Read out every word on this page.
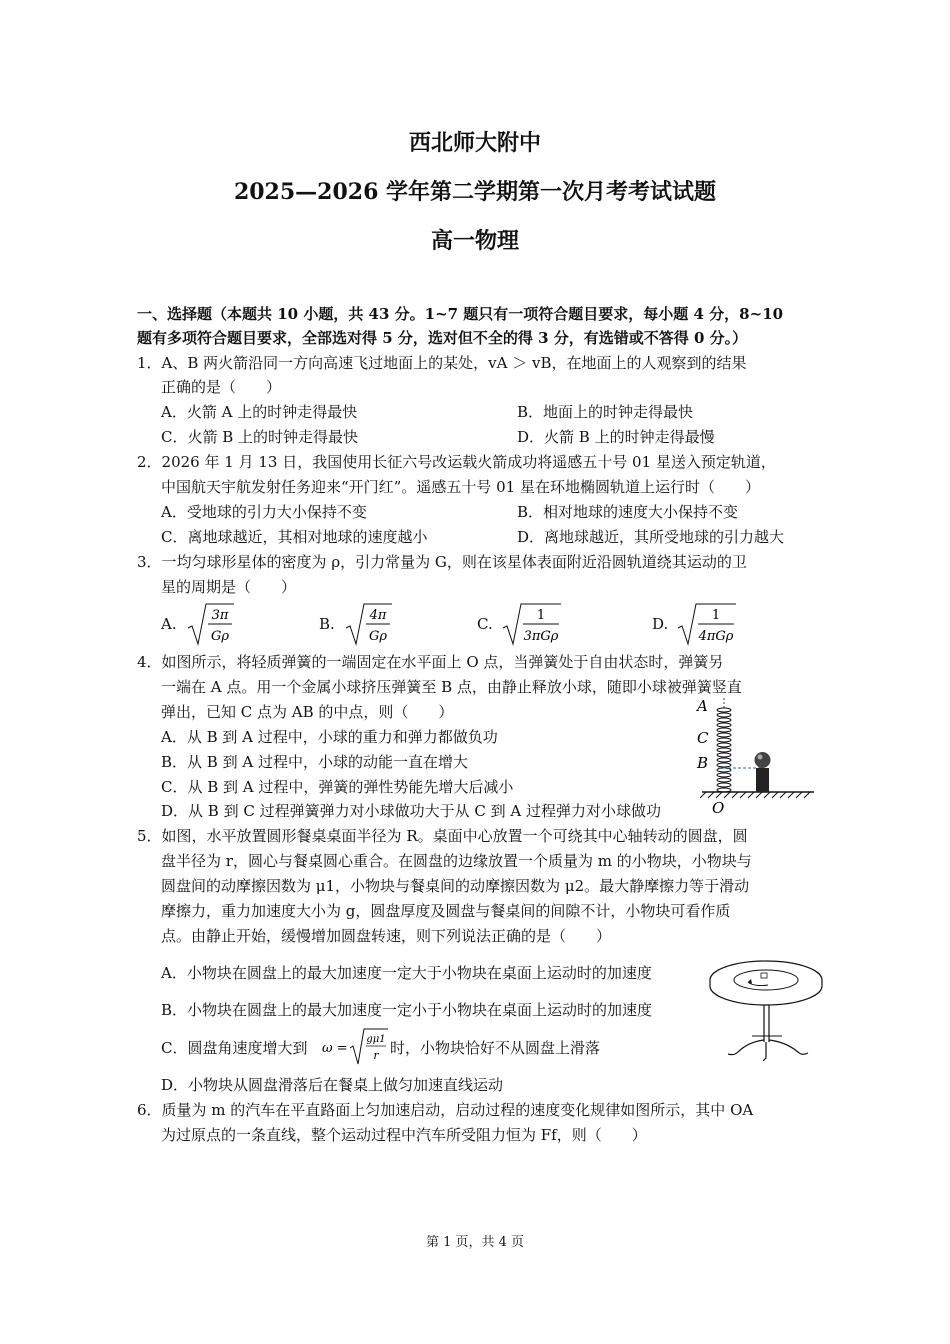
西北师大附中
2025—2026 学年第二学期第一次月考考试试题
高一物理
一、选择题（本题共 10 小题，共 43 分。1~7 题只有一项符合题目要求，每小题 4 分，8~10
题有多项符合题目要求，全部选对得 5 分，选对但不全的得 3 分，有选错或不答得 0 分。）
1．A、B 两火箭沿同一方向高速飞过地面上的某处，vA ＞ vB，在地面上的人观察到的结果
正确的是（　　）
A．火箭 A 上的时钟走得最快	B．地面上的时钟走得最快
C．火箭 B 上的时钟走得最快	D．火箭 B 上的时钟走得最慢
2．2026 年 1 月 13 日，我国使用长征六号改运载火箭成功将遥感五十号 01 星送入预定轨道，
中国航天宇航发射任务迎来“开门红”。遥感五十号 01 星在环地椭圆轨道上运行时（　　）
A．受地球的引力大小保持不变	B．相对地球的速度大小保持不变
C．离地球越近，其相对地球的速度越小	D．离地球越近，其所受地球的引力越大
3．一均匀球形星体的密度为 ρ，引力常量为 G，则在该星体表面附近沿圆轨道绕其运动的卫
星的周期是（　　）
A.	3π
Gρ
B.	4π
Gρ
C.	1
3πGρ
D.	1
4πGρ
4．如图所示，将轻质弹簧的一端固定在水平面上 O 点，当弹簧处于自由状态时，弹簧另
一端在 A 点。用一个金属小球挤压弹簧至 B 点，由静止释放小球，随即小球被弹簧竖直
弹出，已知 C 点为 AB 的中点，则（　　）
A．从 B 到 A 过程中，小球的重力和弹力都做负功
B．从 B 到 A 过程中，小球的动能一直在增大
C．从 B 到 A 过程中，弹簧的弹性势能先增大后减小
D．从 B 到 C 过程弹簧弹力对小球做功大于从 C 到 A 过程弹力对小球做功
A
C
B
O
5．如图，水平放置圆形餐桌桌面半径为 R。桌面中心放置一个可绕其中心轴转动的圆盘，圆
盘半径为 r，圆心与餐桌圆心重合。在圆盘的边缘放置一个质量为 m 的小物块，小物块与
圆盘间的动摩擦因数为 μ1，小物块与餐桌间的动摩擦因数为 μ2。最大静摩擦力等于滑动
摩擦力，重力加速度大小为 g，圆盘厚度及圆盘与餐桌间的间隙不计，小物块可看作质
点。由静止开始，缓慢增加圆盘转速，则下列说法正确的是（　　）
A．小物块在圆盘上的最大加速度一定大于小物块在桌面上运动时的加速度
B．小物块在圆盘上的最大加速度一定小于小物块在桌面上运动时的加速度
C．圆盘角速度增大到 ω =
gμ1
r 时，小物块恰好不从圆盘上滑落
D．小物块从圆盘滑落后在餐桌上做匀加速直线运动
6．质量为 m 的汽车在平直路面上匀加速启动，启动过程的速度变化规律如图所示，其中 OA
为过原点的一条直线，整个运动过程中汽车所受阻力恒为 Ff，则（　　）
第 1 页，共 4 页
